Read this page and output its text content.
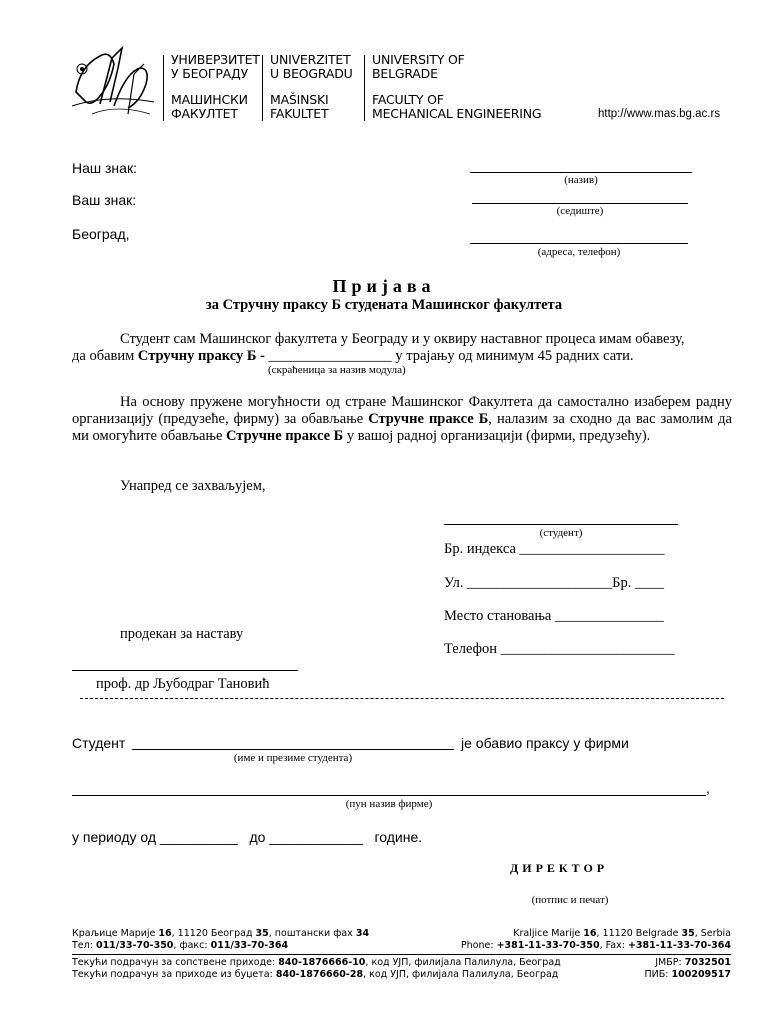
УНИВЕРЗИТЕТ
У БЕОГРАДУ
МАШИНСКИ
ФАКУЛТЕТ
UNIVERZITET
U BEOGRADU
MAŠINSKI
FAKULTET
UNIVERSITY OF
BELGRADE
FACULTY OF
MECHANICAL ENGINEERING	http://www.mas.bg.ac.rs
Наш знак:
Ваш знак:
Београд,
(назив)
(седиште)
(адреса, телефон)
Пријава
за Стручну праксу Б студената Машинског факултета
Студент сам Машинског факултета у Београду и у оквиру наставног процеса имам обавезу,
да обавим Стручну праксу Б - _________________ у трајању од минимум 45 радних сати.
(скраћеница за назив модула)
На основу пружене могућности од стране Машинског Факултета да самостално изаберем радну организацију (предузеће, фирму) за обављање Стручне праксе Б, налазим за сходно да вас замолим да ми омогућите обављање Стручне праксе Б у вашој радној организацији (фирми, предузећу).
Унапред се захваљујем,
(студент)
Бр. индекса ____________________
Ул. ____________________Бр. ____
Место становања _______________
Телефон ________________________
продекан за наставу
проф. др Љубодраг Тановић
Студент	је обавио праксу у фирми
(име и презиме студента)
,
(пун назив фирме)
у периоду од __________ до ____________ године.
ДИРЕКТОР
(потпис и печат)
Краљице Марије 16, 11120 Београд 35, поштански фах 34
Тел: 011/33-70-350, факс: 011/33-70-364
Kraljice Marije 16, 11120 Belgrade 35, Serbia
Phone: +381-11-33-70-350, Fax: +381-11-33-70-364
Текући подрачун за сопствене приходе: 840-1876666-10, код УЈП, филијала Палилула, Београд
Текући подрачун за приходе из буџета: 840-1876660-28, код УЈП, филијала Палилула, Београд
ЈМБР: 7032501
ПИБ: 100209517
